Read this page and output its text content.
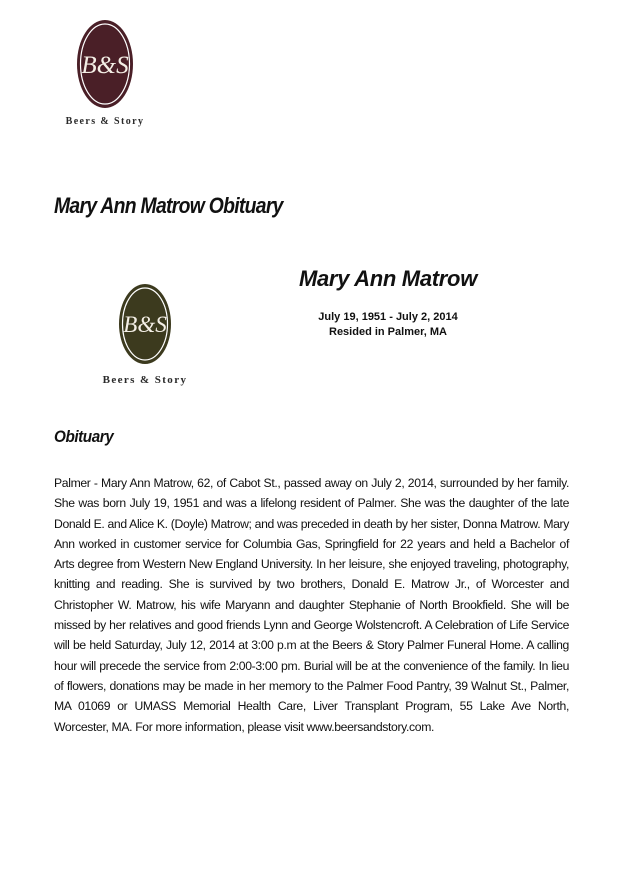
B&S
Beers & Story
Mary Ann Matrow Obituary
B&S
Beers & Story
Mary Ann Matrow
July 19, 1951 - July 2, 2014
Resided in Palmer, MA
Obituary

Palmer - Mary Ann Matrow, 62, of Cabot St., passed away on July 2, 2014, surrounded by her family. She was born July 19, 1951 and was a lifelong resident of Palmer. She was the daughter of the late Donald E. and Alice K. (Doyle) Matrow; and was preceded in death by her sister, Donna Matrow. Mary Ann worked in customer service for Columbia Gas, Springfield for 22 years and held a Bachelor of Arts degree from Western New England University. In her leisure, she enjoyed traveling, photography, knitting and reading. She is survived by two brothers, Donald E. Matrow Jr., of Worcester and Christopher W. Matrow, his wife Maryann and daughter Stephanie of North Brookfield. She will be missed by her relatives and good friends Lynn and George Wolstencroft. A Celebration of Life Service will be held Saturday, July 12, 2014 at 3:00 p.m at the Beers & Story Palmer Funeral Home. A calling hour will precede the service from 2:00-3:00 pm. Burial will be at the convenience of the family. In lieu of flowers, donations may be made in her memory to the Palmer Food Pantry, 39 Walnut St., Palmer, MA 01069 or UMASS Memorial Health Care, Liver Transplant Program, 55 Lake Ave North, Worcester, MA. For more information, please visit www.beersandstory.com.
